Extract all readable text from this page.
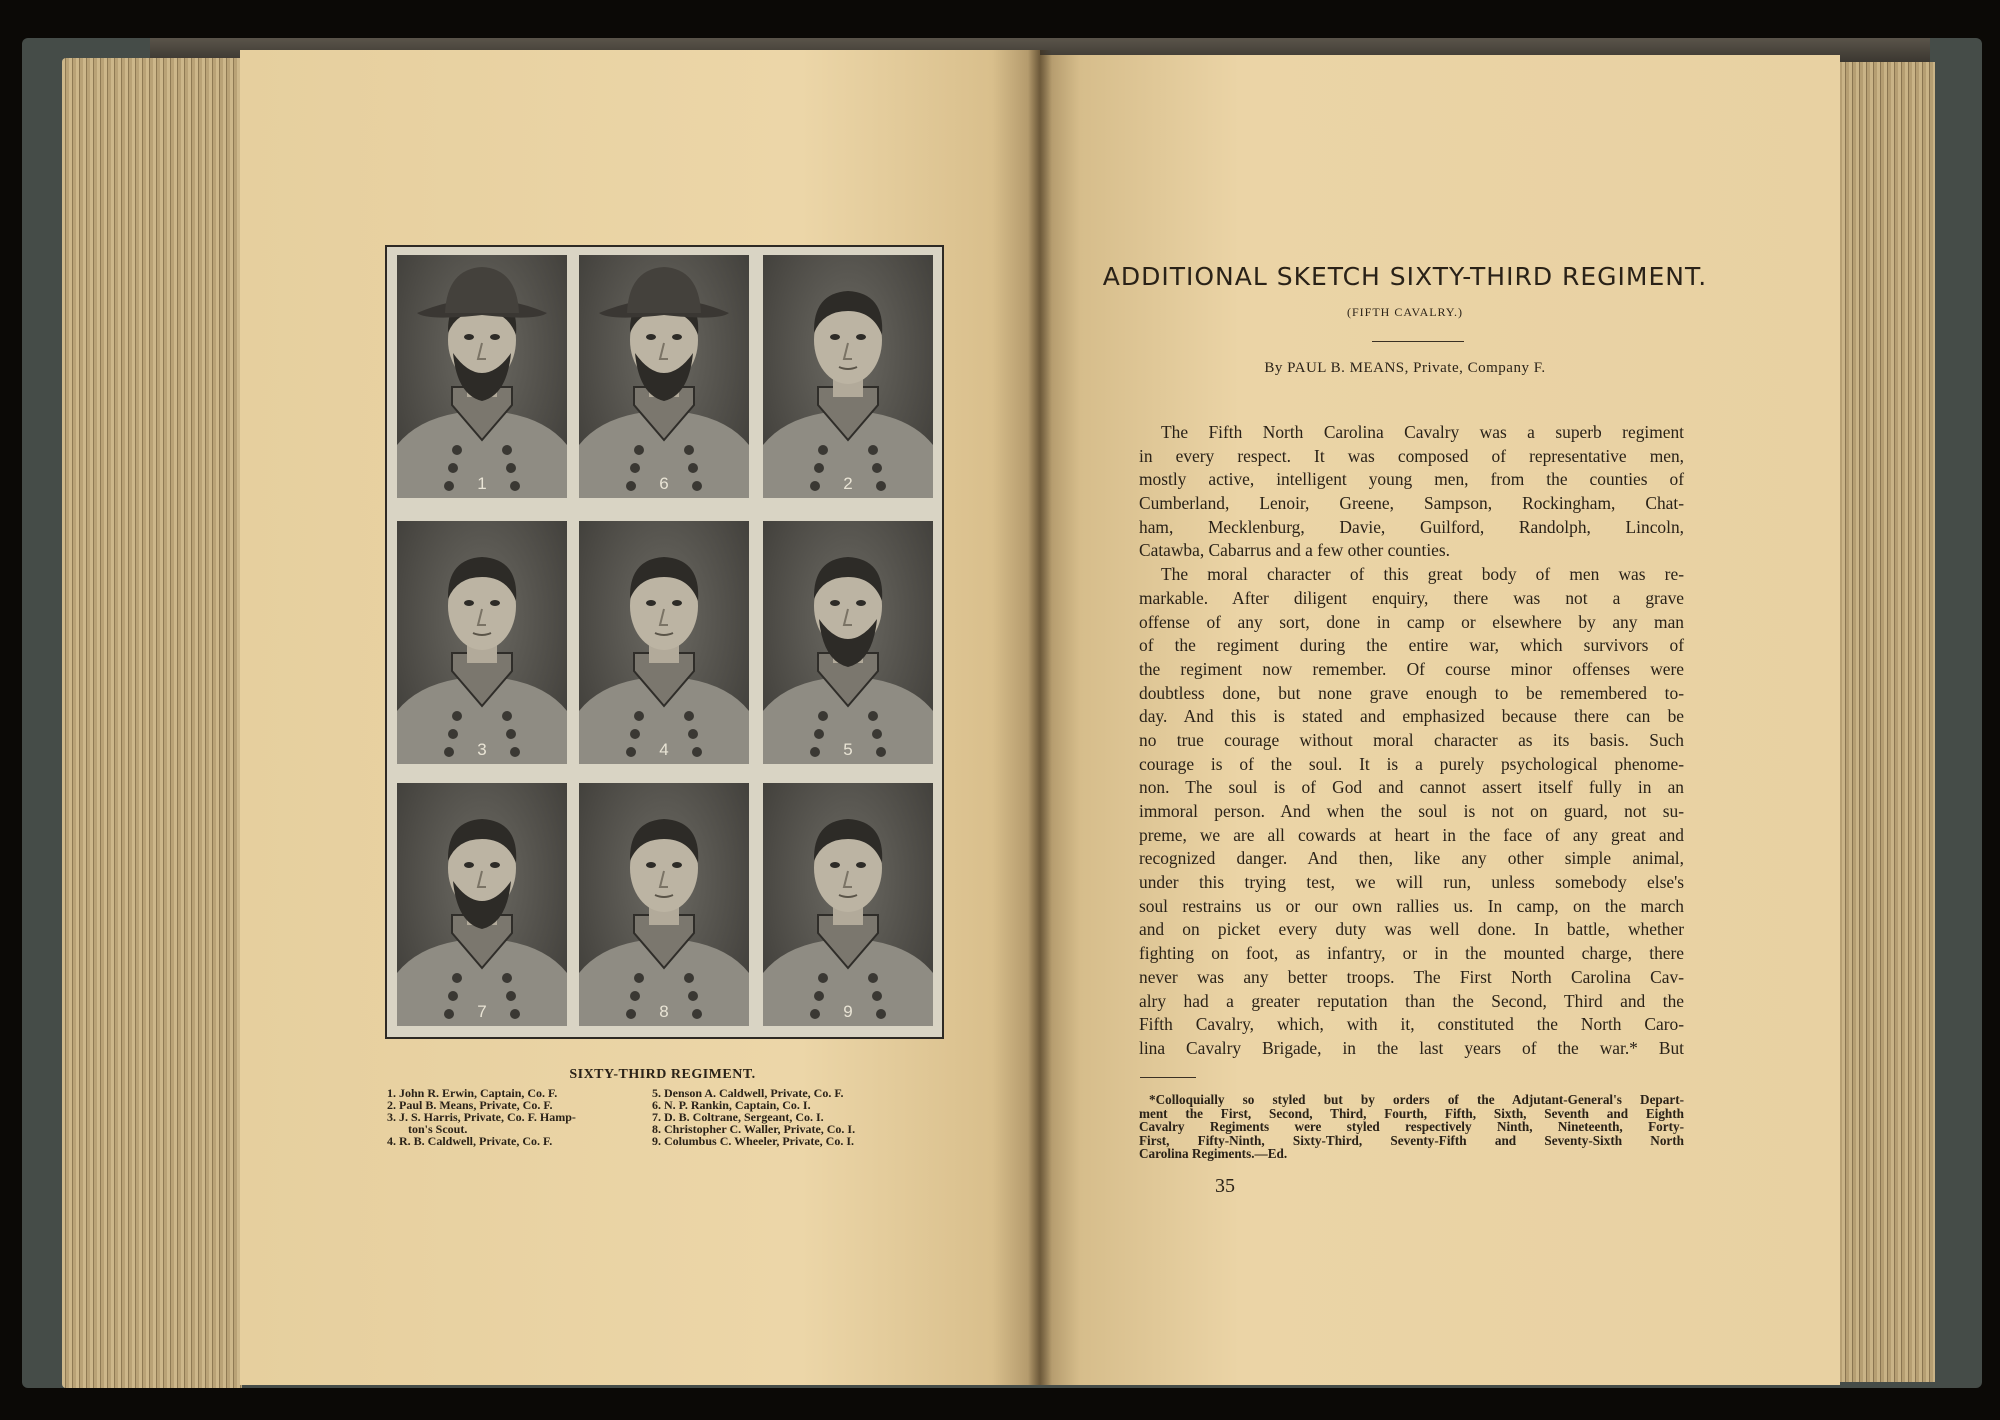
1	6	2
3	4	5
7	8	9
SIXTY-THIRD REGIMENT.
1. John R. Erwin, Captain, Co. F.
2. Paul B. Means, Private, Co. F.
3. J. S. Harris, Private, Co. F. Hamp-
ton's Scout.
4. R. B. Caldwell, Private, Co. F.
5. Denson A. Caldwell, Private, Co. F.
6. N. P. Rankin, Captain, Co. I.
7. D. B. Coltrane, Sergeant, Co. I.
8. Christopher C. Waller, Private, Co. I.
9. Columbus C. Wheeler, Private, Co. I.
ADDITIONAL SKETCH SIXTY-THIRD REGIMENT.
(FIFTH CAVALRY.)
By PAUL B. MEANS, Private, Company F.
The Fifth North Carolina Cavalry was a superb regiment
in every respect. It was composed of representative men,
mostly active, intelligent young men, from the counties of
Cumberland, Lenoir, Greene, Sampson, Rockingham, Chat-
ham, Mecklenburg, Davie, Guilford, Randolph, Lincoln,
Catawba, Cabarrus and a few other counties.
The moral character of this great body of men was re-
markable. After diligent enquiry, there was not a grave
offense of any sort, done in camp or elsewhere by any man
of the regiment during the entire war, which survivors of
the regiment now remember. Of course minor offenses were
doubtless done, but none grave enough to be remembered to-
day. And this is stated and emphasized because there can be
no true courage without moral character as its basis. Such
courage is of the soul. It is a purely psychological phenome-
non. The soul is of God and cannot assert itself fully in an
immoral person. And when the soul is not on guard, not su-
preme, we are all cowards at heart in the face of any great and
recognized danger. And then, like any other simple animal,
under this trying test, we will run, unless somebody else's
soul restrains us or our own rallies us. In camp, on the march
and on picket every duty was well done. In battle, whether
fighting on foot, as infantry, or in the mounted charge, there
never was any better troops. The First North Carolina Cav-
alry had a greater reputation than the Second, Third and the
Fifth Cavalry, which, with it, constituted the North Caro-
lina Cavalry Brigade, in the last years of the war.* But
*Colloquially so styled but by orders of the Adjutant-General's Depart-
ment the First, Second, Third, Fourth, Fifth, Sixth, Seventh and Eighth
Cavalry Regiments were styled respectively Ninth, Nineteenth, Forty-
First, Fifty-Ninth, Sixty-Third, Seventy-Fifth and Seventy-Sixth North
Carolina Regiments.—Ed.
35
